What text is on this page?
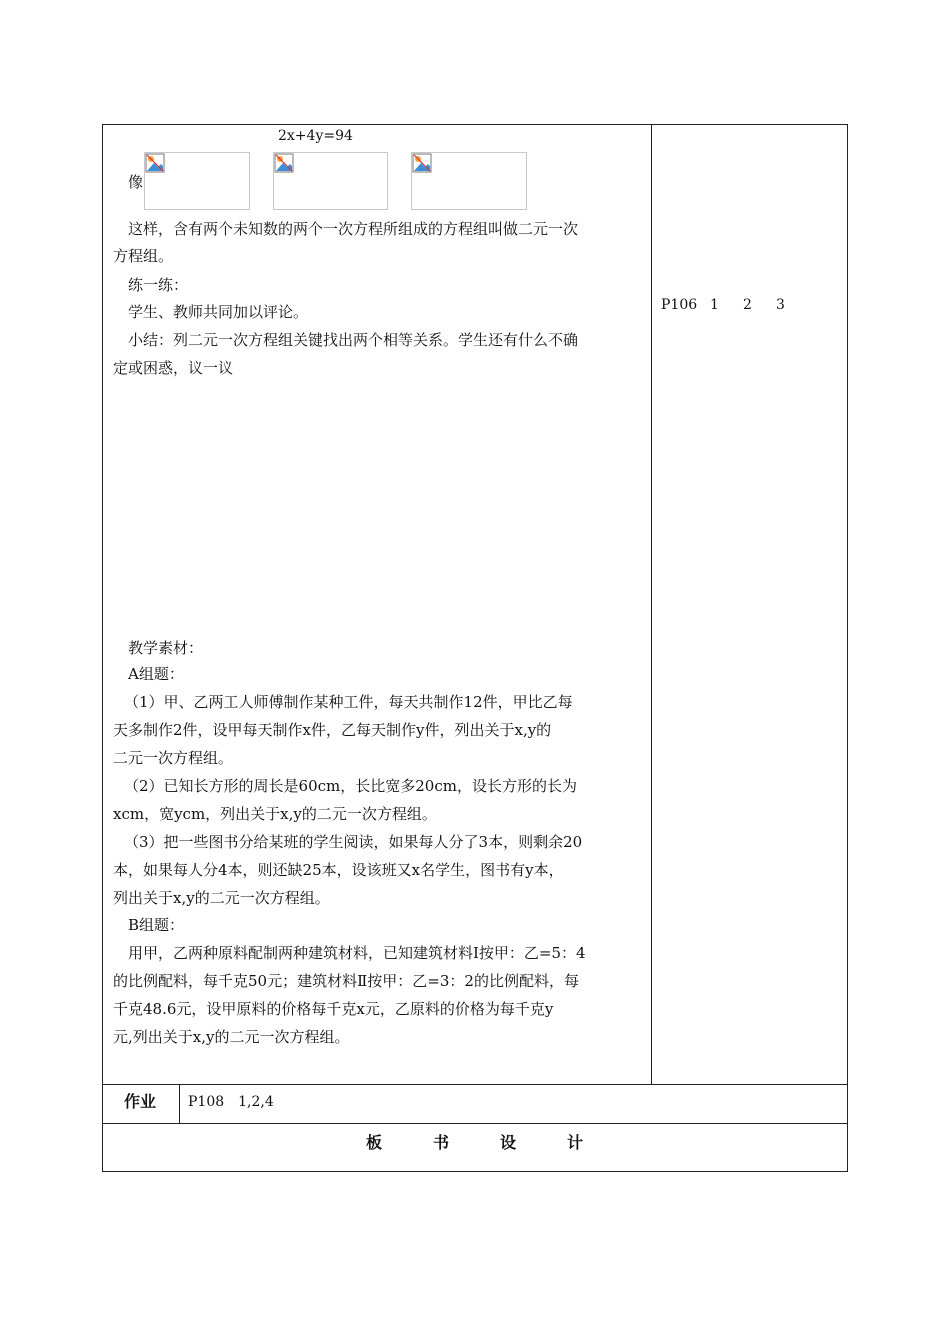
2x+4y=94
像
这样，含有两个未知数的两个一次方程所组成的方程组叫做二元一次
方程组。
练一练：
学生、教师共同加以评论。
小结：列二元一次方程组关键找出两个相等关系。学生还有什么不确
定或困惑，议一议
教学素材：
A组题：
（1）甲、乙两工人师傅制作某种工件，每天共制作12件，甲比乙每
天多制作2件，设甲每天制作x件，乙每天制作y件，列出关于x,y的
二元一次方程组。
（2）已知长方形的周长是60cm，长比宽多20cm，设长方形的长为
xcm，宽ycm，列出关于x,y的二元一次方程组。
（3）把一些图书分给某班的学生阅读，如果每人分了3本，则剩余20
本，如果每人分4本，则还缺25本，设该班又x名学生，图书有y本，
列出关于x,y的二元一次方程组。
B组题：
用甲，乙两种原料配制两种建筑材料，已知建筑材料Ⅰ按甲：乙=5：4
的比例配料，每千克50元；建筑材料Ⅱ按甲：乙=3：2的比例配料，每
千克48.6元，设甲原料的价格每千克x元，乙原料的价格为每千克y
元,列出关于x,y的二元一次方程组。
P106 1 2 3
作业 P108　1,2,4
板	书	设	计
